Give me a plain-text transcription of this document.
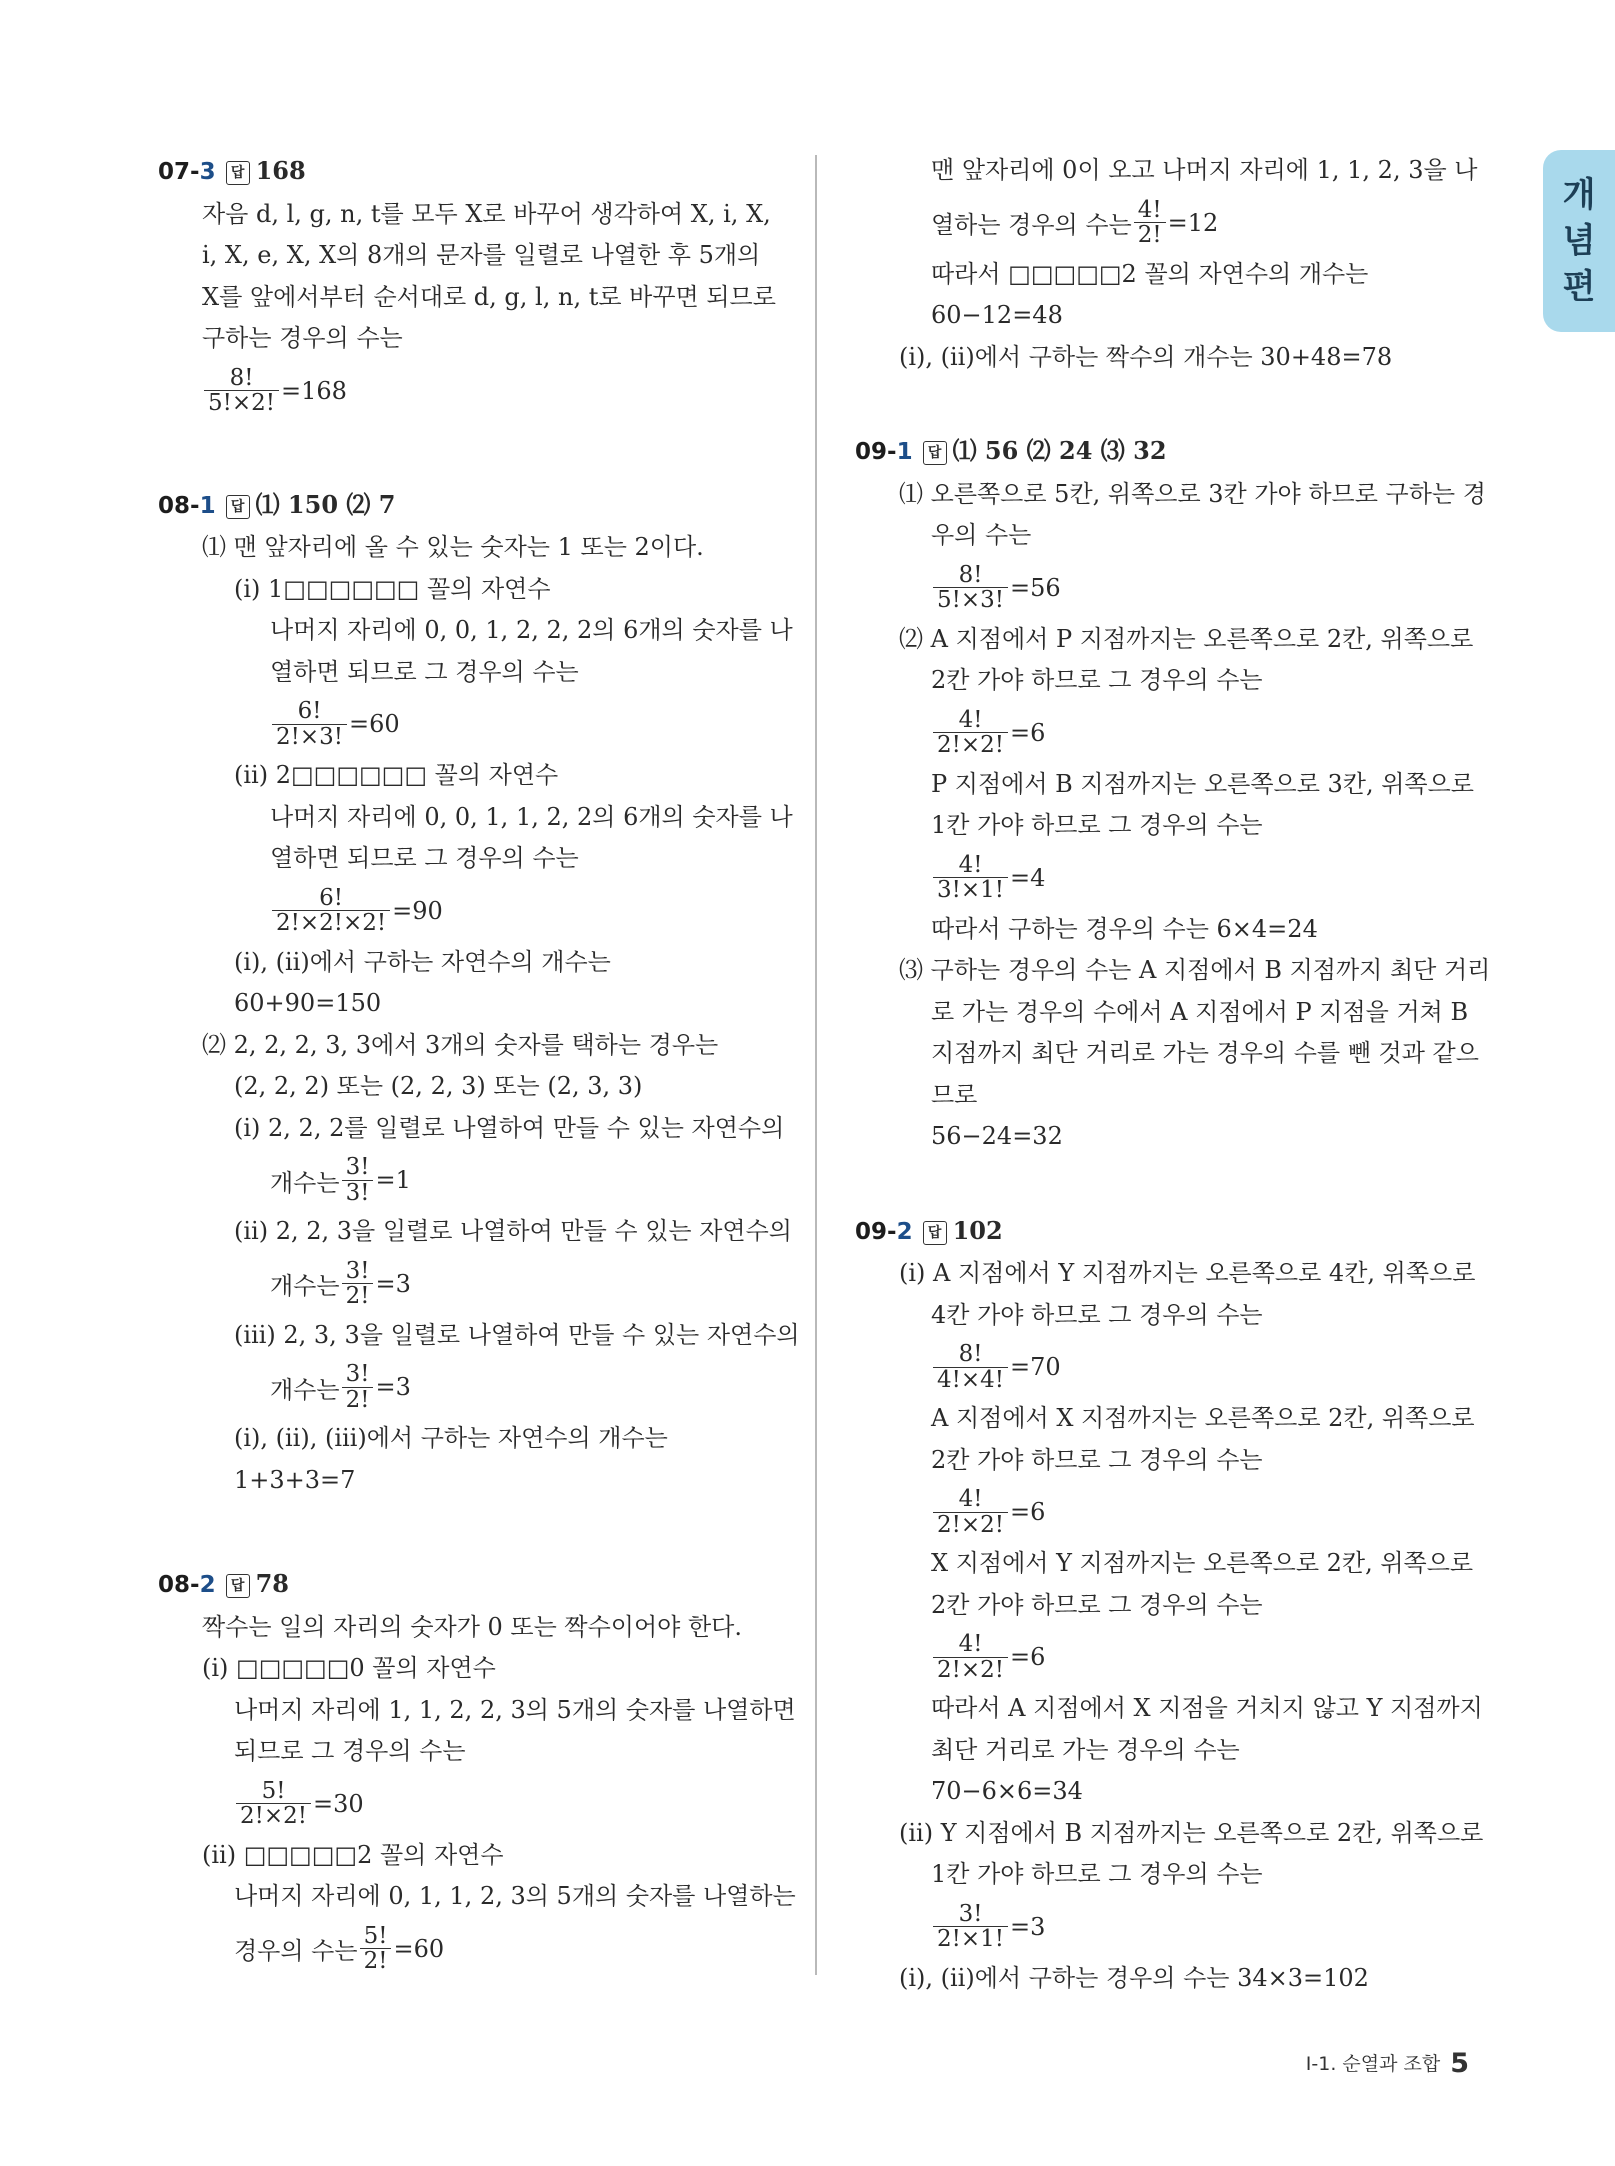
개
념
편
07-3 답 168
자음 d, l, g, n, t를 모두 X로 바꾸어 생각하여 X, i, X,
i, X, e, X, X의 8개의 문자를 일렬로 나열한 후 5개의
X를 앞에서부터 순서대로 d, g, l, n, t로 바꾸면 되므로
구하는 경우의 수는
$\frac{8!}{5!\times 2!} =168$
08-1 답 ⑴ 150 ⑵ 7
⑴ 맨 앞자리에 올 수 있는 숫자는 1 또는 2이다.
(ⅰ) 1□□□□□□ 꼴의 자연수
나머지 자리에 0, 0, 1, 2, 2, 2의 6개의 숫자를 나
열하면 되므로 그 경우의 수는
$\frac{6!}{2!\times 3!} =60$
(ⅱ) 2□□□□□□ 꼴의 자연수
나머지 자리에 0, 0, 1, 1, 2, 2의 6개의 숫자를 나
열하면 되므로 그 경우의 수는
$\frac{6!}{2!\times 2!\times 2!} =90$
(ⅰ), (ⅱ)에서 구하는 자연수의 개수는
60+90=150
⑵ 2, 2, 2, 3, 3에서 3개의 숫자를 택하는 경우는
(2, 2, 2) 또는 (2, 2, 3) 또는 (2, 3, 3)
(ⅰ) 2, 2, 2를 일렬로 나열하여 만들 수 있는 자연수의
개수는 $\frac{3!}{3!} =1$
(ⅱ) 2, 2, 3을 일렬로 나열하여 만들 수 있는 자연수의
개수는 $\frac{3!}{2!} =3$
(ⅲ) 2, 3, 3을 일렬로 나열하여 만들 수 있는 자연수의
개수는 $\frac{3!}{2!} =3$
(ⅰ), (ⅱ), (ⅲ)에서 구하는 자연수의 개수는
1+3+3=7
08-2 답 78
짝수는 일의 자리의 숫자가 0 또는 짝수이어야 한다.
(ⅰ) □□□□□0 꼴의 자연수
나머지 자리에 1, 1, 2, 2, 3의 5개의 숫자를 나열하면
되므로 그 경우의 수는
$\frac{5!}{2!\times 2!} =30$
(ⅱ) □□□□□2 꼴의 자연수
나머지 자리에 0, 1, 1, 2, 3의 5개의 숫자를 나열하는
경우의 수는 $\frac{5!}{2!} =60$
맨 앞자리에 0이 오고 나머지 자리에 1, 1, 2, 3을 나
열하는 경우의 수는 $\frac{4!}{2!} =12$
따라서 □□□□□2 꼴의 자연수의 개수는
60−12=48
(ⅰ), (ⅱ)에서 구하는 짝수의 개수는 30+48=78
09-1 답 ⑴ 56 ⑵ 24 ⑶ 32
⑴ 오른쪽으로 5칸, 위쪽으로 3칸 가야 하므로 구하는 경
우의 수는
$\frac{8!}{5!\times 3!} =56$
⑵ A 지점에서 P 지점까지는 오른쪽으로 2칸, 위쪽으로
2칸 가야 하므로 그 경우의 수는
$\frac{4!}{2!\times 2!} =6$
P 지점에서 B 지점까지는 오른쪽으로 3칸, 위쪽으로
1칸 가야 하므로 그 경우의 수는
$\frac{4!}{3!\times 1!} =4$
따라서 구하는 경우의 수는 6×4=24
⑶ 구하는 경우의 수는 A 지점에서 B 지점까지 최단 거리
로 가는 경우의 수에서 A 지점에서 P 지점을 거쳐 B
지점까지 최단 거리로 가는 경우의 수를 뺀 것과 같으
므로
56−24=32
09-2 답 102
(ⅰ) A 지점에서 Y 지점까지는 오른쪽으로 4칸, 위쪽으로
4칸 가야 하므로 그 경우의 수는
$\frac{8!}{4!\times 4!} =70$
A 지점에서 X 지점까지는 오른쪽으로 2칸, 위쪽으로
2칸 가야 하므로 그 경우의 수는
$\frac{4!}{2!\times 2!} =6$
X 지점에서 Y 지점까지는 오른쪽으로 2칸, 위쪽으로
2칸 가야 하므로 그 경우의 수는
$\frac{4!}{2!\times 2!} =6$
따라서 A 지점에서 X 지점을 거치지 않고 Y 지점까지
최단 거리로 가는 경우의 수는
70−6×6=34
(ⅱ) Y 지점에서 B 지점까지는 오른쪽으로 2칸, 위쪽으로
1칸 가야 하므로 그 경우의 수는
$\frac{3!}{2!\times 1!} =3$
(ⅰ), (ⅱ)에서 구하는 경우의 수는 34×3=102
Ⅰ-1. 순열과 조합 5
